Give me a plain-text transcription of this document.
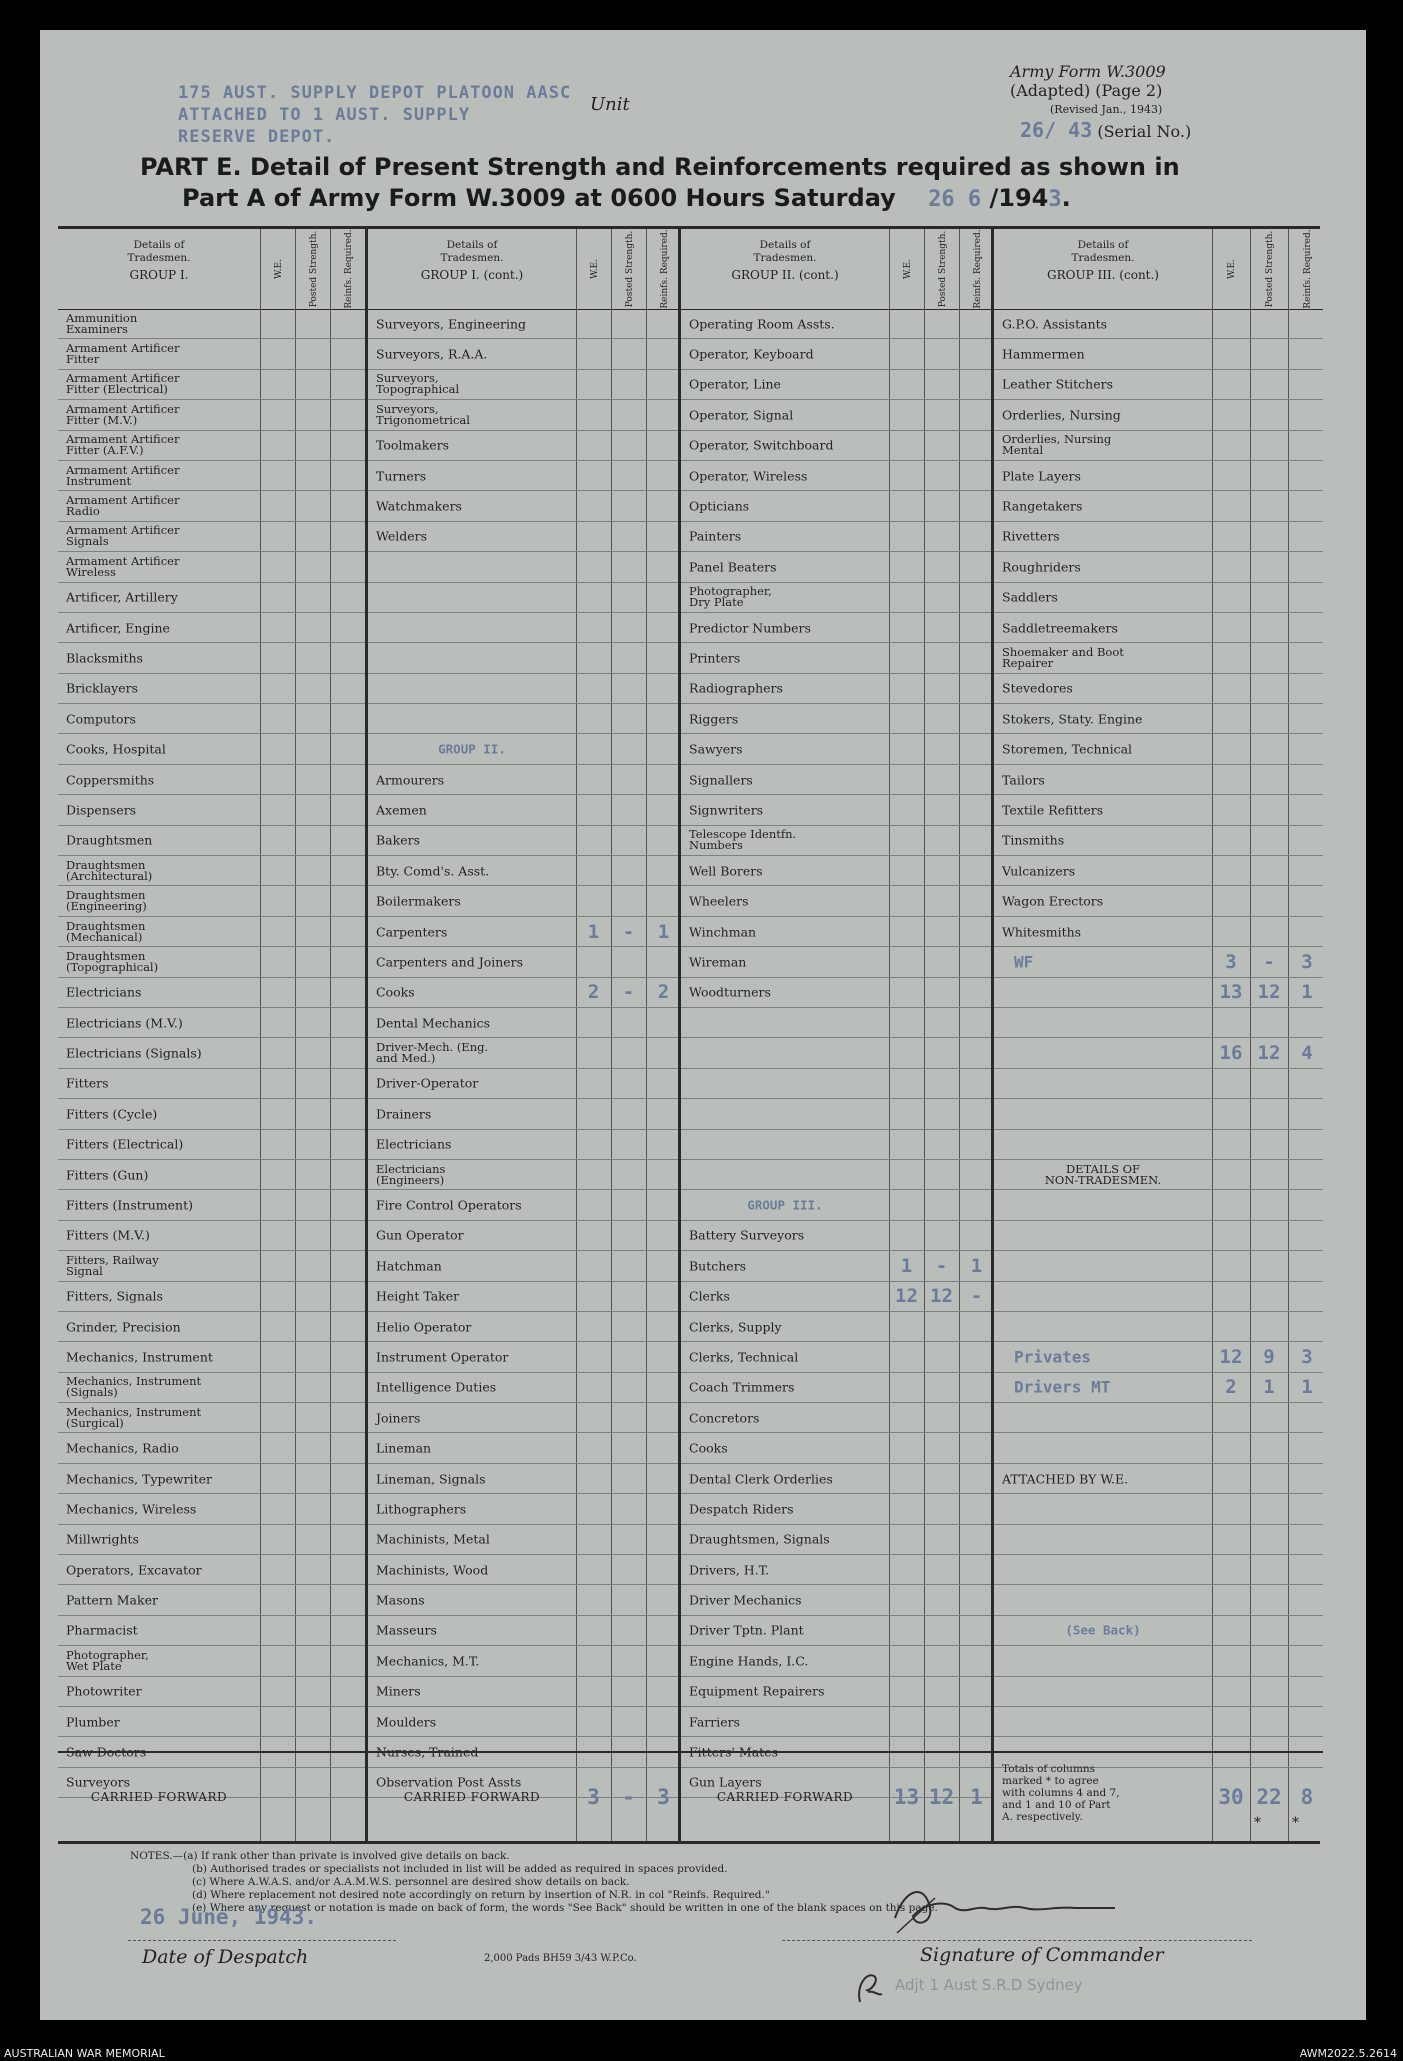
175 AUST. SUPPLY DEPOT PLATOON AASC
ATTACHED TO 1 AUST. SUPPLY
RESERVE DEPOT.
Unit
Army Form W.3009
(Adapted) (Page 2)
(Revised Jan., 1943)
26/ 43 (Serial No.)
PART E. Detail of Present Strength and Reinforcements required as shown in
Part A of Army Form W.3009 at 0600 Hours Saturday 26 6 /1943.
Details of
Tradesmen.
GROUP I.	W.E.	Posted Strength.	Reinfs. Required.
Ammunition
Examiners
Armament Artificer
Fitter
Armament Artificer
Fitter (Electrical)
Armament Artificer
Fitter (M.V.)
Armament Artificer
Fitter (A.F.V.)
Armament Artificer
Instrument
Armament Artificer
Radio
Armament Artificer
Signals
Armament Artificer
Wireless
Artificer, Artillery
Artificer, Engine
Blacksmiths
Bricklayers
Computors
Cooks, Hospital
Coppersmiths
Dispensers
Draughtsmen
Draughtsmen
(Architectural)
Draughtsmen
(Engineering)
Draughtsmen
(Mechanical)
Draughtsmen
(Topographical)
Electricians
Electricians (M.V.)
Electricians (Signals)
Fitters
Fitters (Cycle)
Fitters (Electrical)
Fitters (Gun)
Fitters (Instrument)
Fitters (M.V.)
Fitters, Railway
Signal
Fitters, Signals
Grinder, Precision
Mechanics, Instrument
Mechanics, Instrument
(Signals)
Mechanics, Instrument
(Surgical)
Mechanics, Radio
Mechanics, Typewriter
Mechanics, Wireless
Millwrights
Operators, Excavator
Pattern Maker
Pharmacist
Photographer,
Wet Plate
Photowriter
Plumber
Saw Doctors
Surveyors
CARRIED FORWARD
Details of
Tradesmen.
GROUP I. (cont.)	W.E.	Posted Strength.	Reinfs. Required.
Surveyors, Engineering
Surveyors, R.A.A.
Surveyors,
Topographical
Surveyors,
Trigonometrical
Toolmakers
Turners
Watchmakers
Welders
GROUP II.
Armourers
Axemen
Bakers
Bty. Comd's. Asst.
Boilermakers
Carpenters	1	-	1
Carpenters and Joiners
Cooks	2	-	2
Dental Mechanics
Driver-Mech. (Eng.
and Med.)
Driver-Operator
Drainers
Electricians
Electricians
(Engineers)
Fire Control Operators
Gun Operator
Hatchman
Height Taker
Helio Operator
Instrument Operator
Intelligence Duties
Joiners
Lineman
Lineman, Signals
Lithographers
Machinists, Metal
Machinists, Wood
Masons
Masseurs
Mechanics, M.T.
Miners
Moulders
Nurses, Trained
Observation Post Assts
CARRIED FORWARD	3	-	3
Details of
Tradesmen.
GROUP II. (cont.)	W.E.	Posted Strength.	Reinfs. Required.
Operating Room Assts.
Operator, Keyboard
Operator, Line
Operator, Signal
Operator, Switchboard
Operator, Wireless
Opticians
Painters
Panel Beaters
Photographer,
Dry Plate
Predictor Numbers
Printers
Radiographers
Riggers
Sawyers
Signallers
Signwriters
Telescope Identfn.
Numbers
Well Borers
Wheelers
Winchman
Wireman
Woodturners
GROUP III.
Battery Surveyors
Butchers	1	-	1
Clerks	12 12 -
Clerks, Supply
Clerks, Technical
Coach Trimmers
Concretors
Cooks
Dental Clerk Orderlies
Despatch Riders
Draughtsmen, Signals
Drivers, H.T.
Driver Mechanics
Driver Tptn. Plant
Engine Hands, I.C.
Equipment Repairers
Farriers
Fitters' Mates
Gun Layers
CARRIED FORWARD	13 12 1
Details of
Tradesmen.
GROUP III. (cont.)	W.E.	Posted Strength.	Reinfs. Required.
G.P.O. Assistants
Hammermen
Leather Stitchers
Orderlies, Nursing
Orderlies, Nursing
Mental
Plate Layers
Rangetakers
Rivetters
Roughriders
Saddlers
Saddletreemakers
Shoemaker and Boot
Repairer
Stevedores
Stokers, Staty. Engine
Storemen, Technical
Tailors
Textile Refitters
Tinsmiths
Vulcanizers
Wagon Erectors
Whitesmiths
WF	3	-	3
13 12	1
16 12	4
DETAILS OF
NON-TRADESMEN.
Privates	12	9	3
Drivers MT	2	1	1
ATTACHED BY W.E.
(See Back)
Totals of columns
marked * to agree
with columns 4 and 7,
and 1 and 10 of Part
A. respectively.
30 22 8
* *
NOTES.—(a) If rank other than private is involved give details on back.
(b) Authorised trades or specialists not included in list will be added as required in spaces provided.
(c) Where A.W.A.S. and/or A.A.M.W.S. personnel are desired show details on back.
(d) Where replacement not desired note accordingly on return by insertion of N.R. in col "Reinfs. Required."
(e) Where any request or notation is made on back of form, the words "See Back" should be written in one of the blank spaces on this page.
26 June, 1943.
Date of Despatch	2,000 Pads BH59 3/43 W.P.Co.	Signature of Commander
Adjt 1 Aust S.R.D Sydney
AUSTRALIAN WAR MEMORIAL	AWM2022.5.2614
